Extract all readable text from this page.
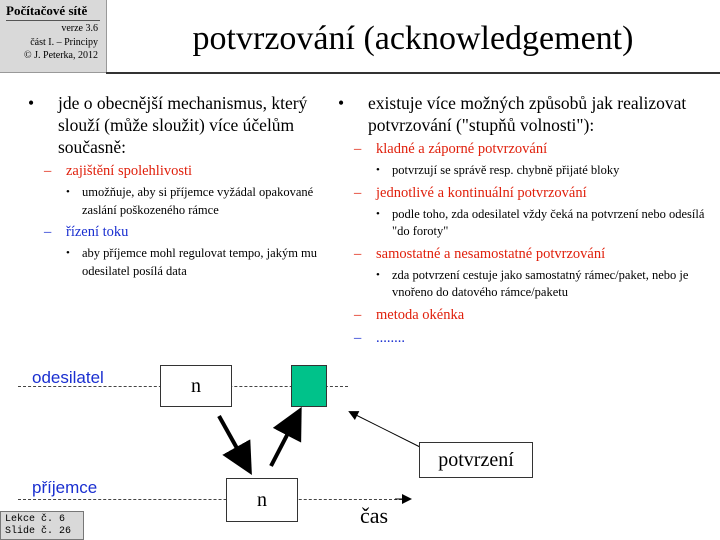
Počítačové sítě
verze 3.6
část I. – Principy
© J. Peterka, 2012	potvrzování (acknowledgement)
• jde o obecnější mechanismus, který slouží (může sloužit) více účelům současně:
– zajištění spolehlivosti
• umožňuje, aby si příjemce vyžádal opakované zaslání poškozeného rámce
– řízení toku
• aby příjemce mohl regulovat tempo, jakým mu odesilatel posílá data
• existuje více možných způsobů jak realizovat potvrzování ("stupňů volnosti"):
– kladné a záporné potvrzování
• potvrzují se správě resp. chybně přijaté bloky
– jednotlivé a kontinuální potvrzování
• podle toho, zda odesilatel vždy čeká na potvrzení nebo odesílá "do foroty"
– samostatné a nesamostatné potvrzování
• zda potvrzení cestuje jako samostatný rámec/paket, nebo je vnořeno do datového rámce/paketu
– metoda okénka
– ........
odesilatel
příjemce
n
n
potvrzení
čas
Lekce č. 6
Slide č. 26
